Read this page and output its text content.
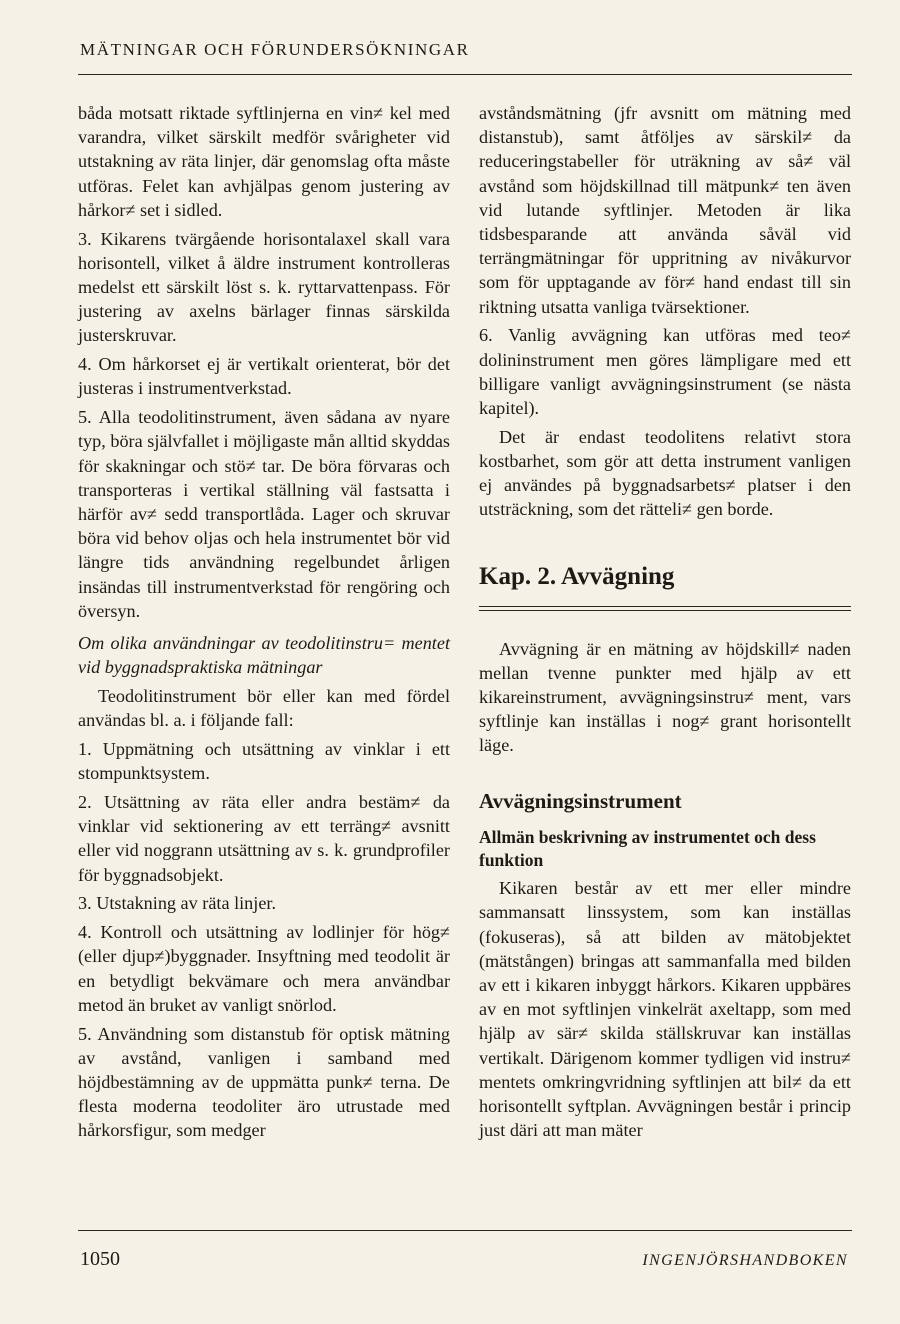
MÄTNINGAR OCH FÖRUNDERSÖKNINGAR

båda motsatt riktade syftlinjerna en vin≠ kel med varandra, vilket särskilt medför svårigheter vid utstakning av räta linjer, där genomslag ofta måste utföras. Felet kan avhjälpas genom justering av hårkor≠ set i sidled.

3. Kikarens tvärgående horisontalaxel skall vara horisontell, vilket å äldre instrument kontrolleras medelst ett särskilt löst s. k. ryttarvattenpass. För justering av axelns bärlager finnas särskilda justerskruvar.

4. Om hårkorset ej är vertikalt orienterat, bör det justeras i instrumentverkstad.

5. Alla teodolitinstrument, även sådana av nyare typ, böra självfallet i möjligaste mån alltid skyddas för skakningar och stö≠ tar. De böra förvaras och transporteras i vertikal ställning väl fastsatta i härför av≠ sedd transportlåda. Lager och skruvar böra vid behov oljas och hela instrumentet bör vid längre tids användning regelbundet årligen insändas till instrumentverkstad för rengöring och översyn.

Om olika användningar av teodolitinstru= mentet vid byggnadspraktiska mätningar

Teodolitinstrument bör eller kan med fördel användas bl. a. i följande fall:

1. Uppmätning och utsättning av vinklar i ett stompunktsystem.

2. Utsättning av räta eller andra bestäm≠ da vinklar vid sektionering av ett terräng≠ avsnitt eller vid noggrann utsättning av s. k. grundprofiler för byggnadsobjekt.

3. Utstakning av räta linjer.

4. Kontroll och utsättning av lodlinjer för hög≠ (eller djup≠)byggnader. Insyftning med teodolit är en betydligt bekvämare och mera användbar metod än bruket av vanligt snörlod.

5. Användning som distanstub för optisk mätning av avstånd, vanligen i samband med höjdbestämning av de uppmätta punk≠ terna. De flesta moderna teodoliter äro utrustade med hårkorsfigur, som medger

avståndsmätning (jfr avsnitt om mätning med distanstub), samt åtföljes av särskil≠ da reduceringstabeller för uträkning av så≠ väl avstånd som höjdskillnad till mätpunk≠ ten även vid lutande syftlinjer. Metoden är lika tidsbesparande att använda såväl vid terrängmätningar för uppritning av nivåkurvor som för upptagande av för≠ hand endast till sin riktning utsatta vanliga tvärsektioner.

6. Vanlig avvägning kan utföras med teo≠ dolininstrument men göres lämpligare med ett billigare vanligt avvägningsinstrument (se nästa kapitel).

Det är endast teodolitens relativt stora kostbarhet, som gör att detta instrument vanligen ej användes på byggnadsarbets≠ platser i den utsträckning, som det rätteli≠ gen borde.

Kap. 2. Avvägning

Avvägning är en mätning av höjdskill≠ naden mellan tvenne punkter med hjälp av ett kikareinstrument, avvägningsinstru≠ ment, vars syftlinje kan inställas i nog≠ grant horisontellt läge.

Avvägningsinstrument

Allmän beskrivning av instrumentet och dess funktion

Kikaren består av ett mer eller mindre sammansatt linssystem, som kan inställas (fokuseras), så att bilden av mätobjektet (mätstången) bringas att sammanfalla med bilden av ett i kikaren inbyggt hårkors. Kikaren uppbäres av en mot syftlinjen vinkelrät axeltapp, som med hjälp av sär≠ skilda ställskruvar kan inställas vertikalt. Därigenom kommer tydligen vid instru≠ mentets omkringvridning syftlinjen att bil≠ da ett horisontellt syftplan. Avvägningen består i princip just däri att man mäter

1050	INGENJÖRSHANDBOKEN
